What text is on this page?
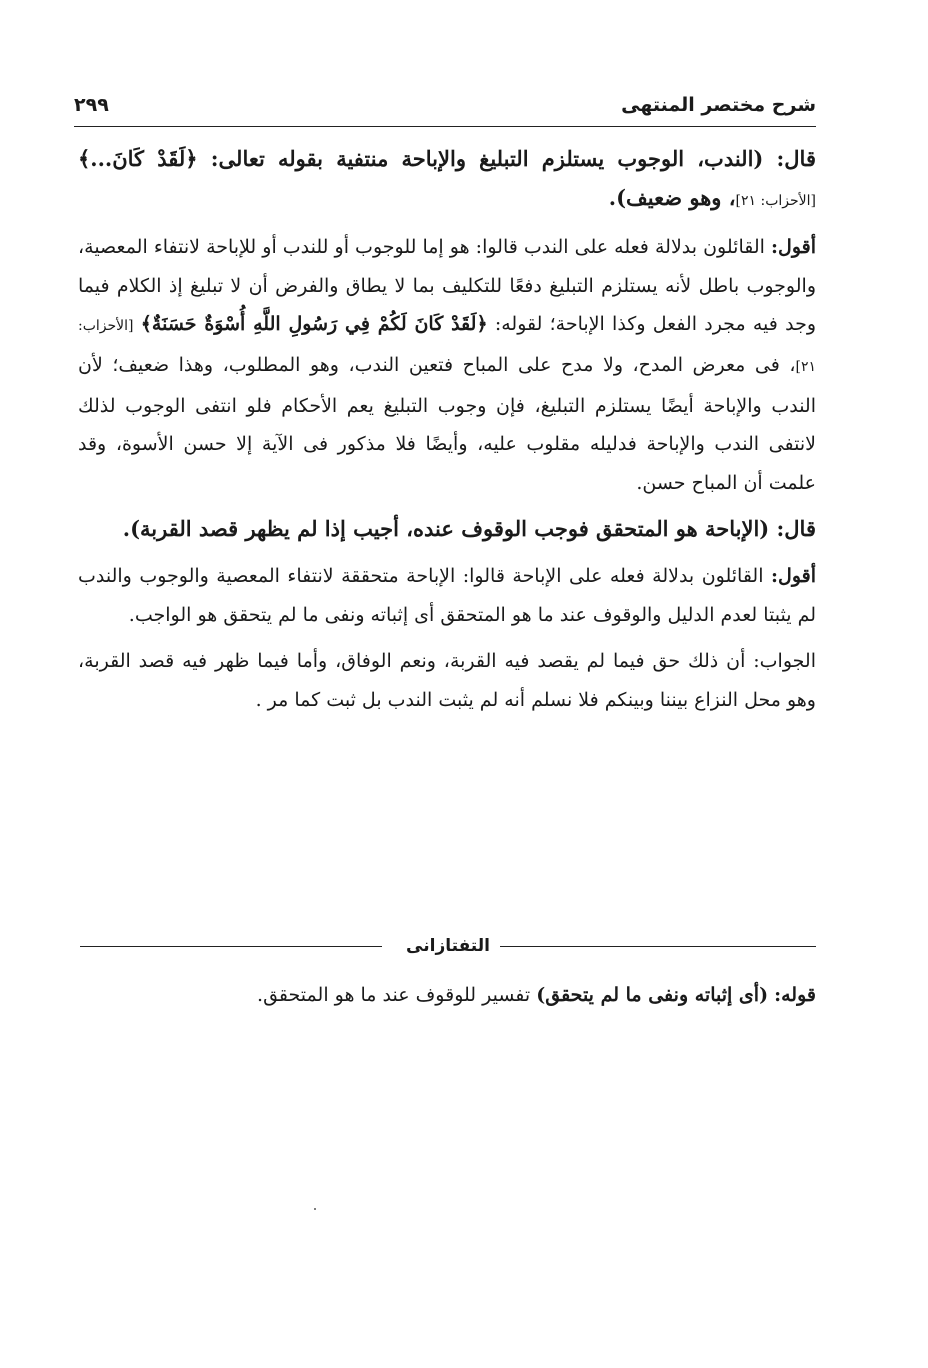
شرح مختصر المنتهى
٢٩٩

قال: (الندب، الوجوب يستلزم التبليغ والإباحة منتفية بقوله تعالى: ﴿لَقَدْ كَانَ...﴾ [الأحزاب: ٢١]، وهو ضعيف).

أقول: القائلون بدلالة فعله على الندب قالوا: هو إما للوجوب أو للندب أو للإباحة لانتفاء المعصية، والوجوب باطل لأنه يستلزم التبليغ دفعًا للتكليف بما لا يطاق والفرض أن لا تبليغ إذ الكلام فيما وجد فيه مجرد الفعل وكذا الإباحة؛ لقوله: ﴿لَقَدْ كَانَ لَكُمْ فِي رَسُولِ اللَّهِ أُسْوَةٌ حَسَنَةٌ﴾ [الأحزاب: ٢١]، فى معرض المدح، ولا مدح على المباح فتعين الندب، وهو المطلوب، وهذا ضعيف؛ لأن الندب والإباحة أيضًا يستلزم التبليغ، فإن وجوب التبليغ يعم الأحكام فلو انتفى الوجوب لذلك لانتفى الندب والإباحة فدليله مقلوب عليه، وأيضًا فلا مذكور فى الآية إلا حسن الأسوة، وقد علمت أن المباح حسن.

قال: (الإباحة هو المتحقق فوجب الوقوف عنده، أجيب إذا لم يظهر قصد القربة).

أقول: القائلون بدلالة فعله على الإباحة قالوا: الإباحة متحققة لانتفاء المعصية والوجوب والندب لم يثبتا لعدم الدليل والوقوف عند ما هو المتحقق أى إثباته ونفى ما لم يتحقق هو الواجب.

الجواب: أن ذلك حق فيما لم يقصد فيه القربة، ونعم الوفاق، وأما فيما ظهر فيه قصد القربة، وهو محل النزاع بيننا وبينكم فلا نسلم أنه لم يثبت الندب بل ثبت كما مر .

التفتازانى
قوله: (أى إثباته ونفى ما لم يتحقق) تفسير للوقوف عند ما هو المتحقق.
